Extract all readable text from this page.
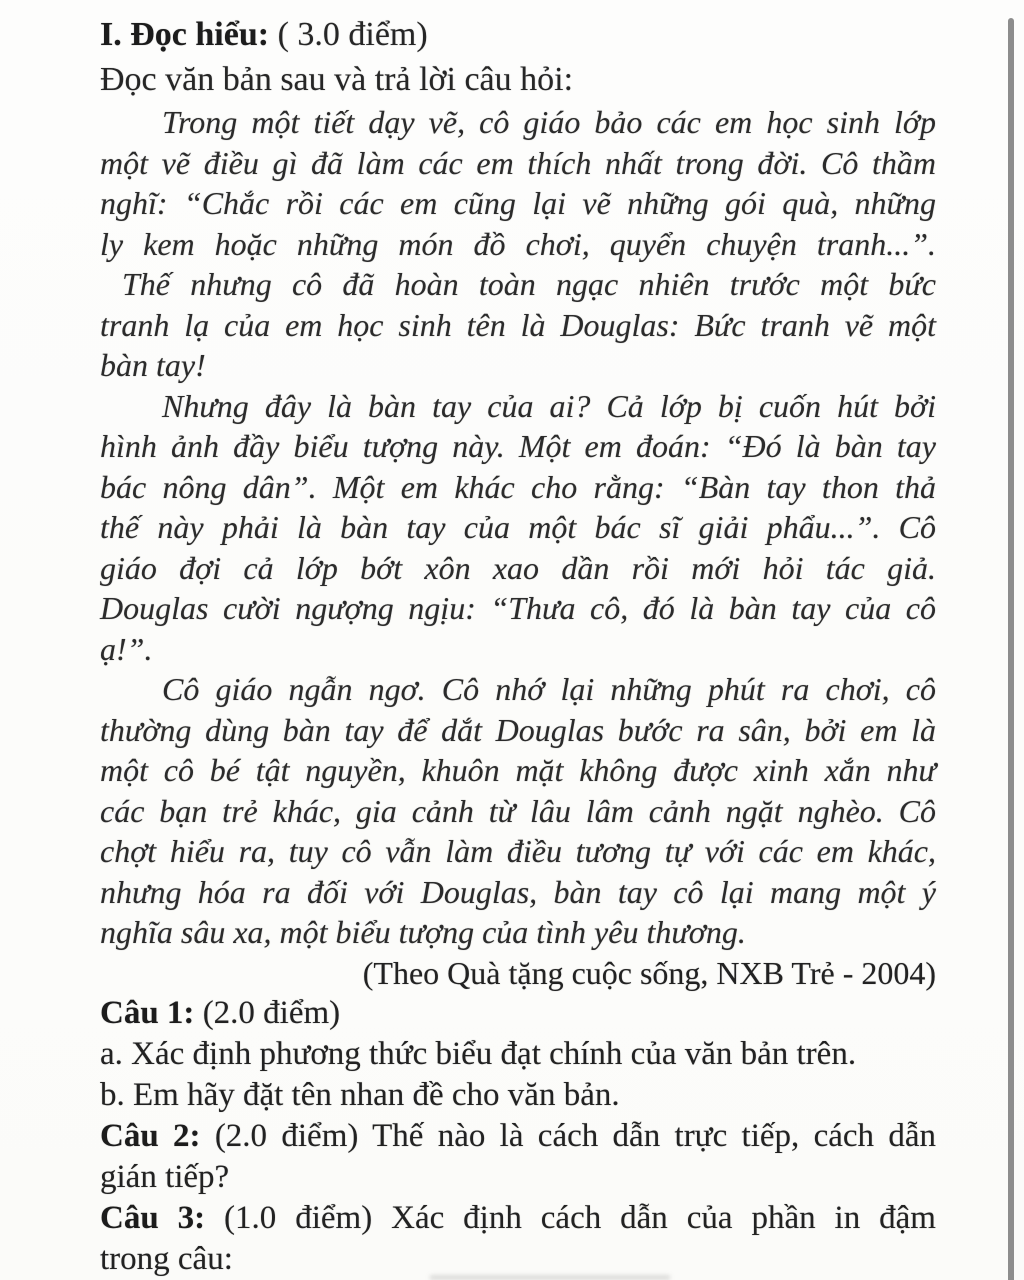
I. Đọc hiểu: ( 3.0 điểm)
Đọc văn bản sau và trả lời câu hỏi:
Trong một tiết dạy vẽ, cô giáo bảo các em học sinh lớp
một vẽ điều gì đã làm các em thích nhất trong đời. Cô thầm
nghĩ: “Chắc rồi các em cũng lại vẽ những gói quà, những
ly kem hoặc những món đồ chơi, quyển chuyện tranh...”.
Thế nhưng cô đã hoàn toàn ngạc nhiên trước một bức
tranh lạ của em học sinh tên là Douglas: Bức tranh vẽ một
bàn tay!
Nhưng đây là bàn tay của ai? Cả lớp bị cuốn hút bởi
hình ảnh đầy biểu tượng này. Một em đoán: “Đó là bàn tay
bác nông dân”. Một em khác cho rằng: “Bàn tay thon thả
thế này phải là bàn tay của một bác sĩ giải phẩu...”. Cô
giáo đợi cả lớp bớt xôn xao dần rồi mới hỏi tác giả.
Douglas cười ngượng ngịu: “Thưa cô, đó là bàn tay của cô
ạ!”.
Cô giáo ngẫn ngơ. Cô nhớ lại những phút ra chơi, cô
thường dùng bàn tay để dắt Douglas bước ra sân, bởi em là
một cô bé tật nguyền, khuôn mặt không được xinh xắn như
các bạn trẻ khác, gia cảnh từ lâu lâm cảnh ngặt nghèo. Cô
chợt hiểu ra, tuy cô vẫn làm điều tương tự với các em khác,
nhưng hóa ra đối với Douglas, bàn tay cô lại mang một ý
nghĩa sâu xa, một biểu tượng của tình yêu thương.
(Theo Quà tặng cuộc sống, NXB Trẻ - 2004)
Câu 1: (2.0 điểm)
a. Xác định phương thức biểu đạt chính của văn bản trên.
b. Em hãy đặt tên nhan đề cho văn bản.
Câu 2: (2.0 điểm) Thế nào là cách dẫn trực tiếp, cách dẫn
gián tiếp?
Câu 3: (1.0 điểm) Xác định cách dẫn của phần in đậm
trong câu:
